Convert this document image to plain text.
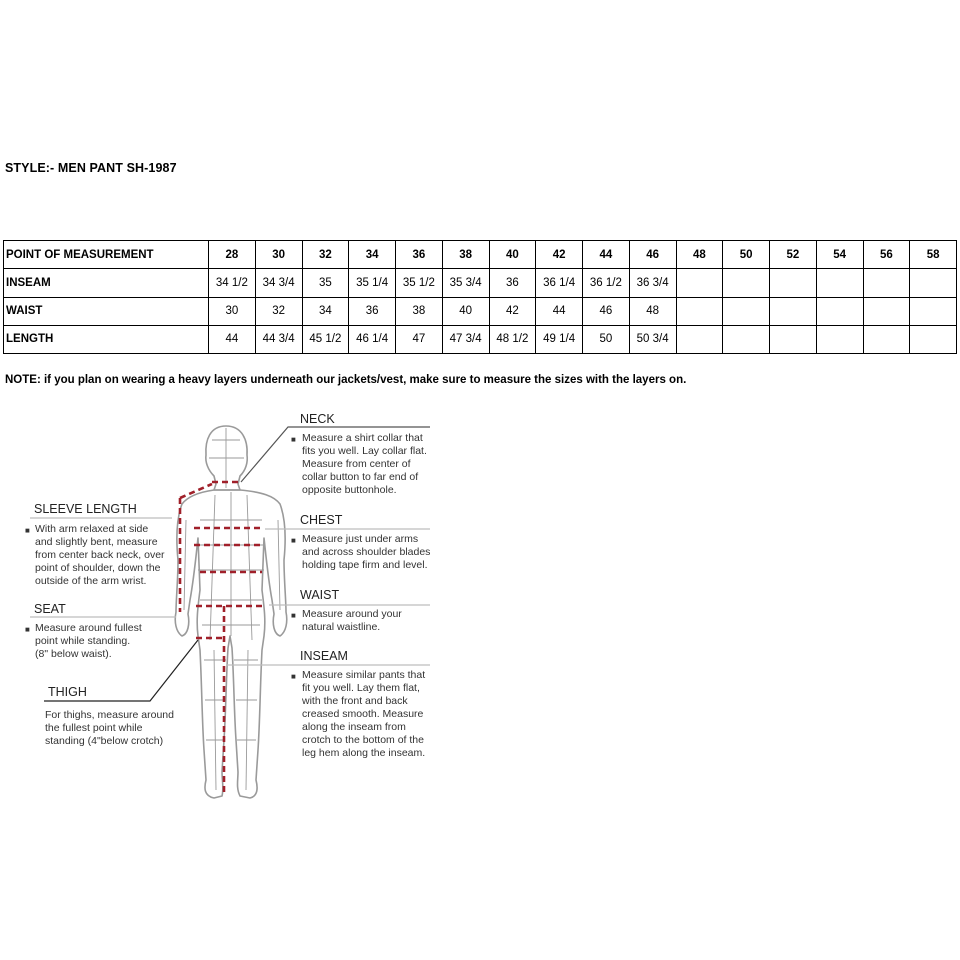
STYLE:- MEN PANT SH-1987
POINT OF MEASUREMENT	28	30	32	34	36	38	40	42	44	46	48	50	52	54	56	58
INSEAM	34 1/2	34 3/4	35	35 1/4	35 1/2	35 3/4	36	36 1/4	36 1/2	36 3/4						
WAIST	30	32	34	36	38	40	42	44	46	48						
LENGTH	44	44 3/4	45 1/2	46 1/4	47	47 3/4	48 1/2	49 1/4	50	50 3/4						
NOTE: if you plan on wearing a heavy layers underneath our jackets/vest, make sure to measure the sizes with the layers on.
NECK
■ Measure a shirt collar that
fits you well. Lay collar flat.
Measure from center of
collar button to far end of
opposite buttonhole.
CHEST
■ Measure just under arms
and across shoulder blades
holding tape firm and level.
WAIST
■ Measure around your
natural waistline.
INSEAM
■ Measure similar pants that
fit you well. Lay them flat,
with the front and back
creased smooth. Measure
along the inseam from
crotch to the bottom of the
leg hem along the inseam.
SLEEVE LENGTH
■ With arm relaxed at side
and slightly bent, measure
from center back neck, over
point of shoulder, down the
outside of the arm wrist.
SEAT
■ Measure around fullest
point while standing.
(8" below waist).
THIGH
For thighs, measure around
the fullest point while
standing (4"below crotch)
